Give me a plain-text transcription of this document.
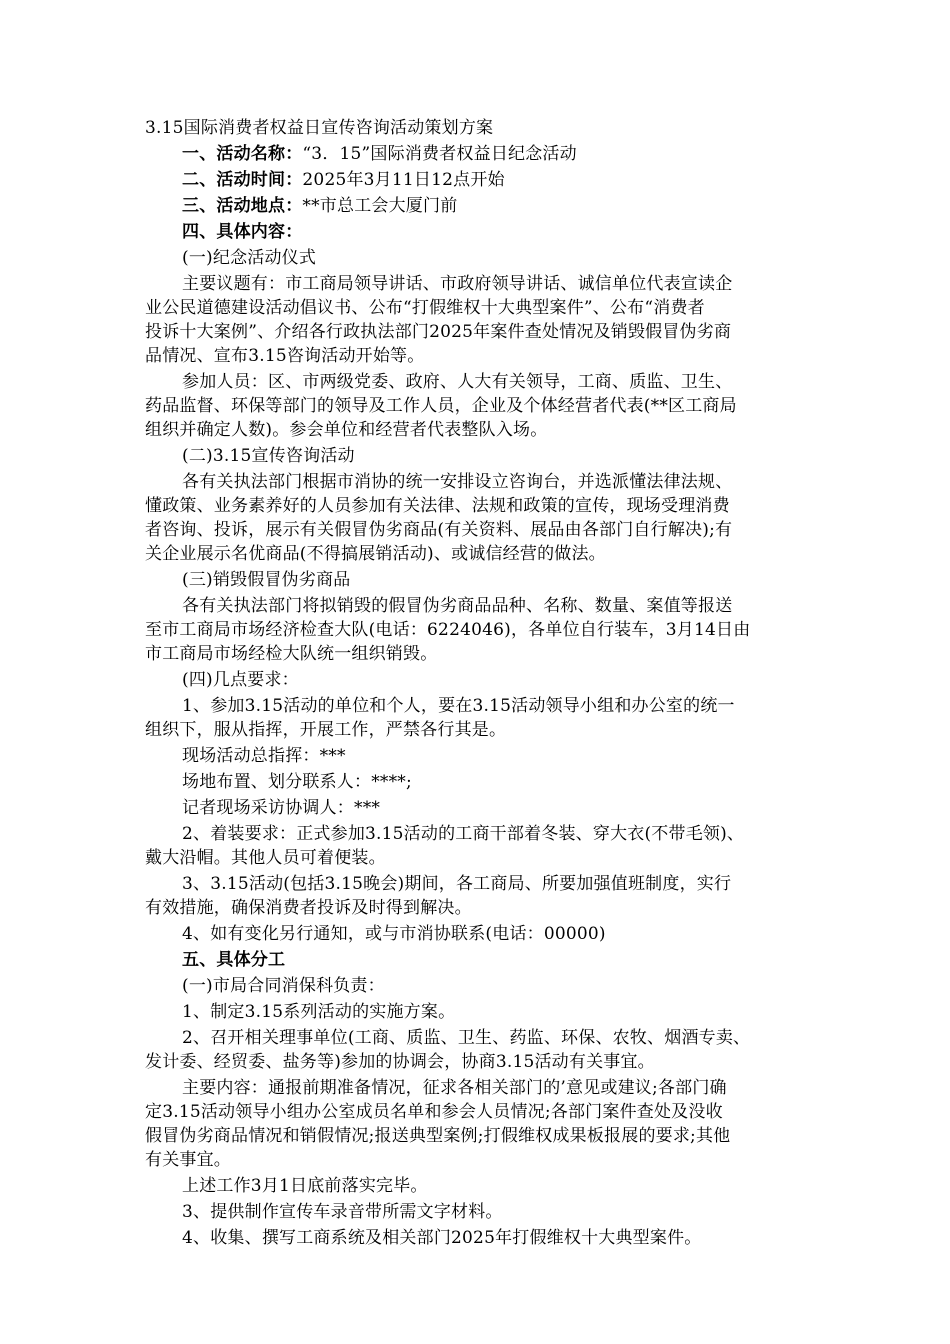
3.15国际消费者权益日宣传咨询活动策划方案
一、活动名称：“3．15”国际消费者权益日纪念活动
二、活动时间：2025年3月11日12点开始
三、活动地点：**市总工会大厦门前
四、具体内容：
(一)纪念活动仪式
主要议题有：市工商局领导讲话、市政府领导讲话、诚信单位代表宣读企
业公民道德建设活动倡议书、公布“打假维权十大典型案件”、公布“消费者
投诉十大案例”、介绍各行政执法部门2025年案件查处情况及销毁假冒伪劣商
品情况、宣布3.15咨询活动开始等。
参加人员：区、市两级党委、政府、人大有关领导，工商、质监、卫生、
药品监督、环保等部门的领导及工作人员，企业及个体经营者代表(**区工商局
组织并确定人数)。参会单位和经营者代表整队入场。
(二)3.15宣传咨询活动
各有关执法部门根据市消协的统一安排设立咨询台，并选派懂法律法规、
懂政策、业务素养好的人员参加有关法律、法规和政策的宣传，现场受理消费
者咨询、投诉，展示有关假冒伪劣商品(有关资料、展品由各部门自行解决);有
关企业展示名优商品(不得搞展销活动)、或诚信经营的做法。
(三)销毁假冒伪劣商品
各有关执法部门将拟销毁的假冒伪劣商品品种、名称、数量、案值等报送
至市工商局市场经济检查大队(电话：6224046)，各单位自行装车，3月14日由
市工商局市场经检大队统一组织销毁。
(四)几点要求：
1、参加3.15活动的单位和个人，要在3.15活动领导小组和办公室的统一
组织下，服从指挥，开展工作，严禁各行其是。
现场活动总指挥：***
场地布置、划分联系人：****;
记者现场采访协调人：***
2、着装要求：正式参加3.15活动的工商干部着冬装、穿大衣(不带毛领)、
戴大沿帽。其他人员可着便装。
3、3.15活动(包括3.15晚会)期间，各工商局、所要加强值班制度，实行
有效措施，确保消费者投诉及时得到解决。
4、如有变化另行通知，或与市消协联系(电话：00000)
五、具体分工
(一)市局合同消保科负责：
1、制定3.15系列活动的实施方案。
2、召开相关理事单位(工商、质监、卫生、药监、环保、农牧、烟酒专卖、
发计委、经贸委、盐务等)参加的协调会，协商3.15活动有关事宜。
主要内容：通报前期准备情况，征求各相关部门的’意见或建议;各部门确
定3.15活动领导小组办公室成员名单和参会人员情况;各部门案件查处及没收
假冒伪劣商品情况和销假情况;报送典型案例;打假维权成果板报展的要求;其他
有关事宜。
上述工作3月1日底前落实完毕。
3、提供制作宣传车录音带所需文字材料。
4、收集、撰写工商系统及相关部门2025年打假维权十大典型案件。
